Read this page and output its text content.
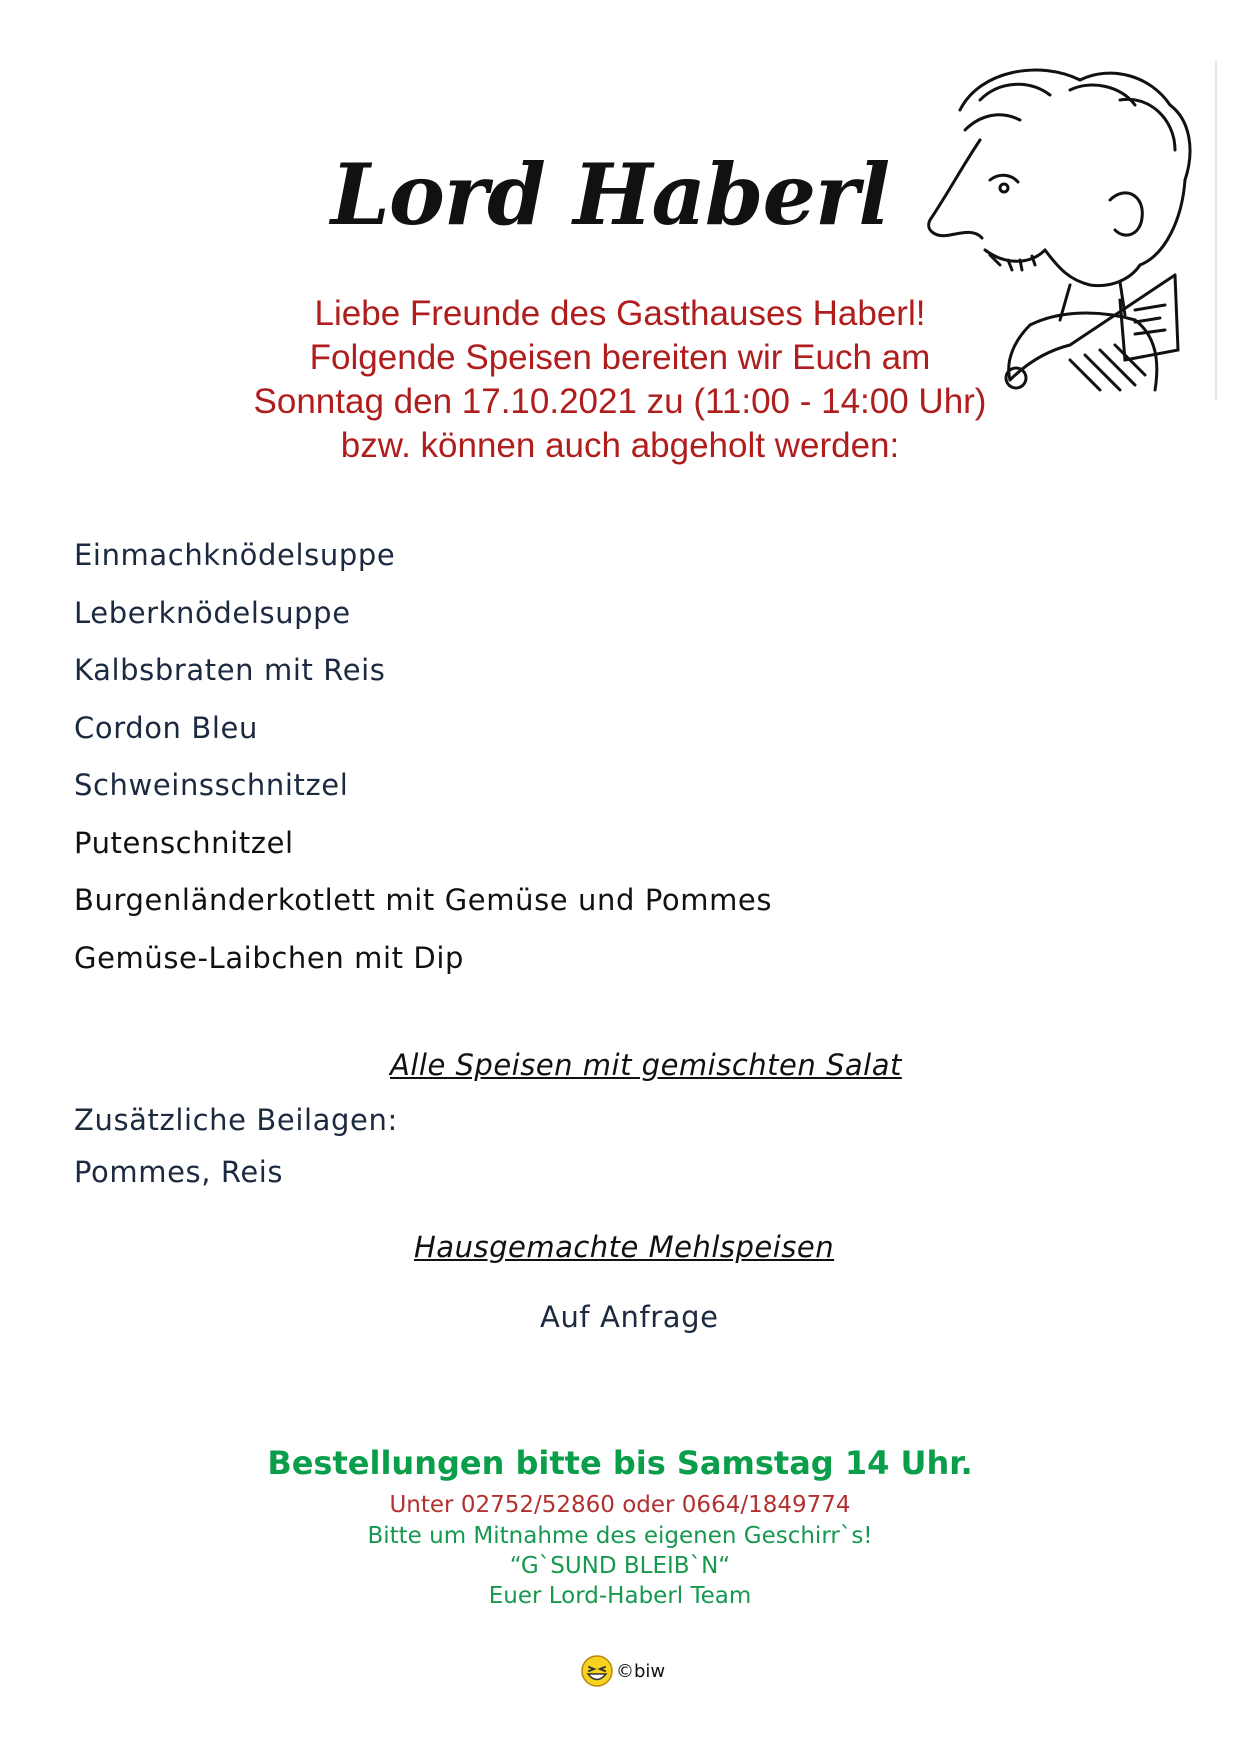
Lord Haberl
Liebe Freunde des Gasthauses Haberl!
Folgende Speisen bereiten wir Euch am
Sonntag den 17.10.2021 zu (11:00 - 14:00 Uhr)
bzw. können auch abgeholt werden:
Einmachknödelsuppe
Leberknödelsuppe
Kalbsbraten mit Reis
Cordon Bleu
Schweinsschnitzel
Putenschnitzel
Burgenländerkotlett mit Gemüse und Pommes
Gemüse-Laibchen mit Dip
Alle Speisen mit gemischten Salat
Zusätzliche Beilagen:
Pommes, Reis
Hausgemachte Mehlspeisen
Auf Anfrage
Bestellungen bitte bis Samstag 14 Uhr.
Unter 02752/52860 oder 0664/1849774
Bitte um Mitnahme des eigenen Geschirr`s!
“G`SUND BLEIB`N“
Euer Lord-Haberl Team
©biw
